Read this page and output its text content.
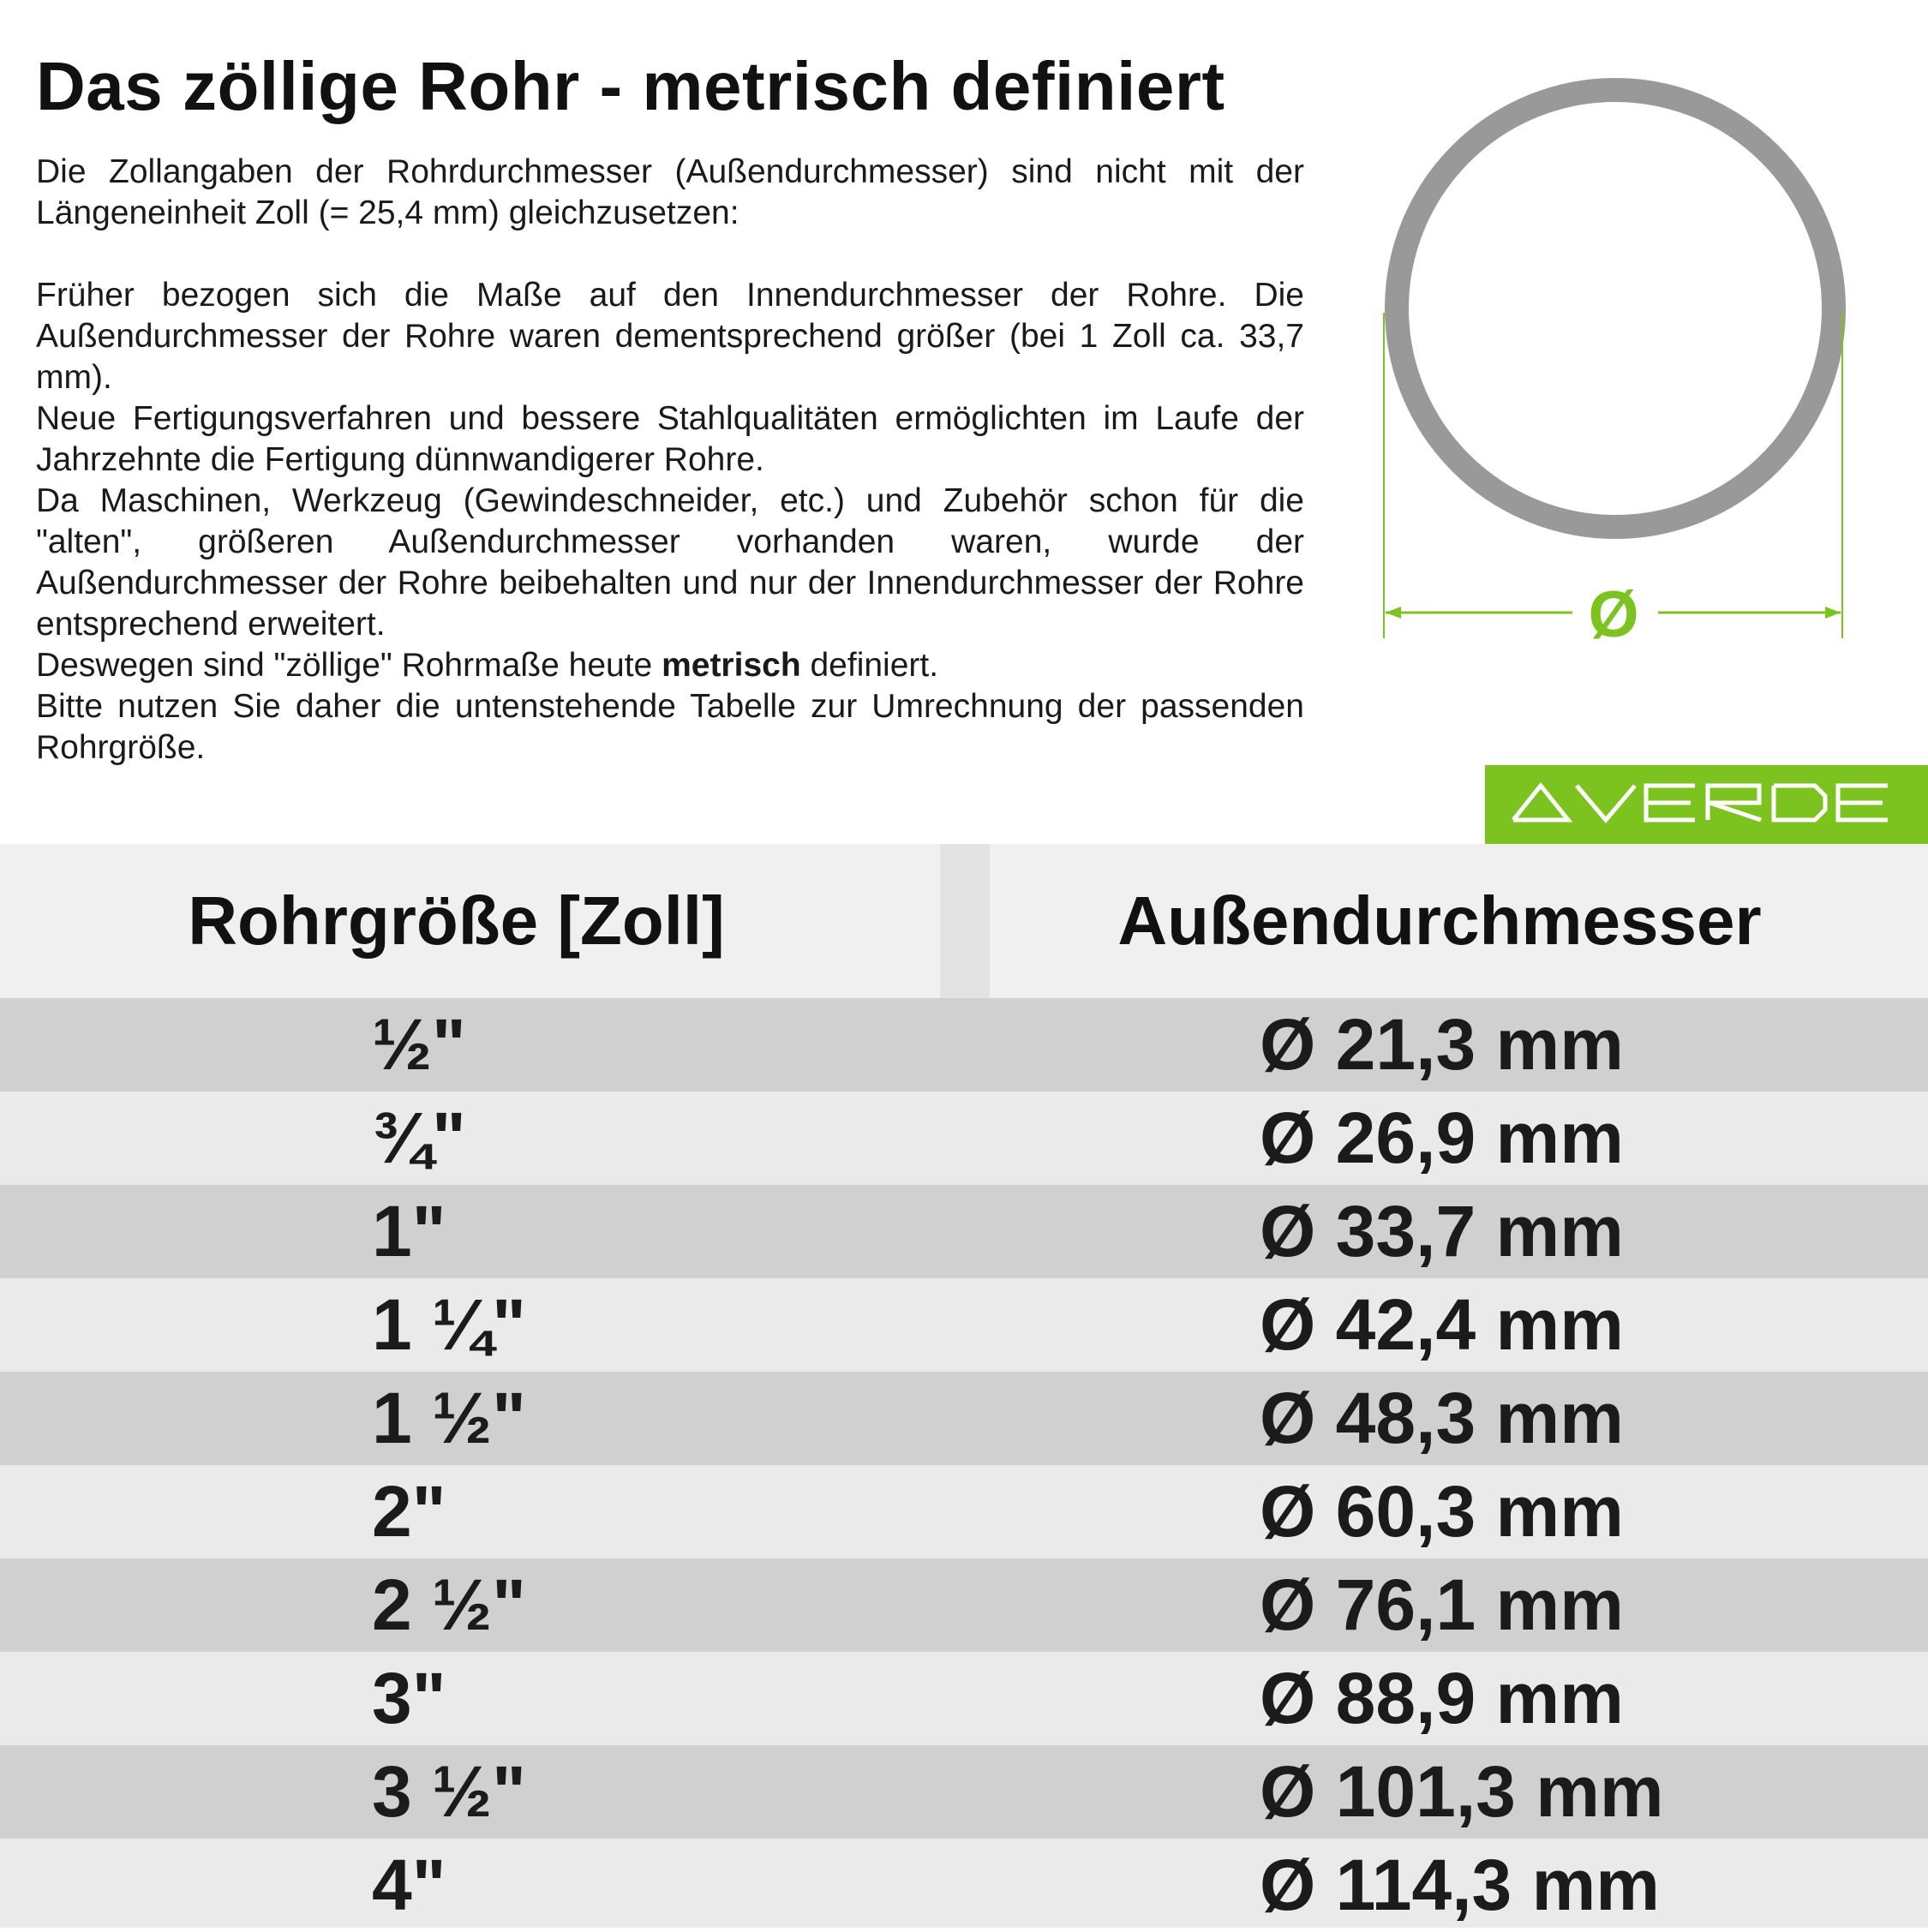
Das zöllige Rohr - metrisch definiert

Die Zollangaben der Rohrdurchmesser (Außendurchmesser) sind nicht mit der Längeneinheit Zoll (= 25,4 mm) gleichzusetzen:

Früher bezogen sich die Maße auf den Innendurchmesser der Rohre. Die Außendurchmesser der Rohre waren dementsprechend größer (bei 1 Zoll ca. 33,7 mm).

Neue Fertigungsverfahren und bessere Stahlqualitäten ermöglichten im Laufe der Jahrzehnte die Fertigung dünnwandigerer Rohre.

Da Maschinen, Werkzeug (Gewindeschneider, etc.) und Zubehör schon für die "alten", größeren Außendurchmesser vorhanden waren, wurde der Außendurchmesser der Rohre beibehalten und nur der Innendurchmesser der Rohre entsprechend erweitert.

Deswegen sind "zöllige" Rohrmaße heute metrisch definiert.

Bitte nutzen Sie daher die untenstehende Tabelle zur Umrechnung der passenden Rohrgröße.

Ø
Rohrgröße [Zoll]	Außendurchmesser
½"	Ø 21,3 mm
¾"	Ø 26,9 mm
1"	Ø 33,7 mm
1 ¼"	Ø 42,4 mm
1 ½"	Ø 48,3 mm
2"	Ø 60,3 mm
2 ½"	Ø 76,1 mm
3"	Ø 88,9 mm
3 ½"	Ø 101,3 mm
4"	Ø 114,3 mm
